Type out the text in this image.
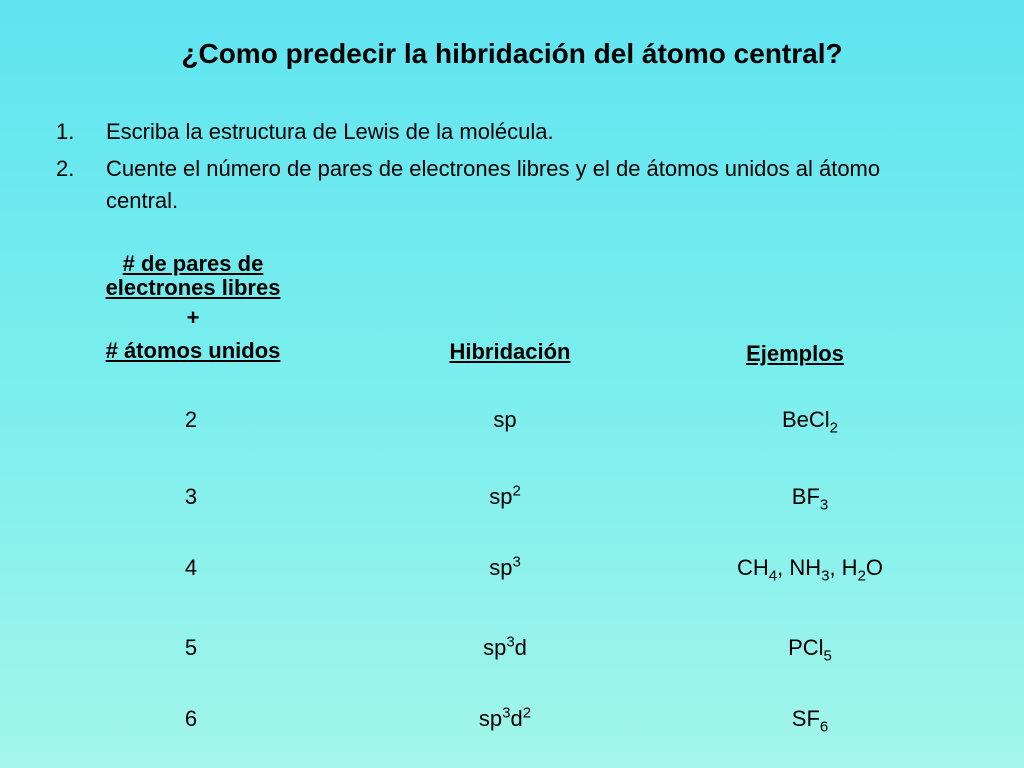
¿Como predecir la hibridación del átomo central?
1. Escriba la estructura de Lewis de la molécula.
2. Cuente el número de pares de electrones libres y el de átomos unidos al átomo central.
# de pares de
electrones libres
+
# átomos unidos	Hibridación	Ejemplos
2	sp	BeCl$_2$
3	$sp^2$	$BF_3$
4	$sp^3$	$CH_4$, $NH_3$, $H_2O$
5	$sp^3d$	PCl$_5$
6	$sp^3d^2$	$SF_6$
